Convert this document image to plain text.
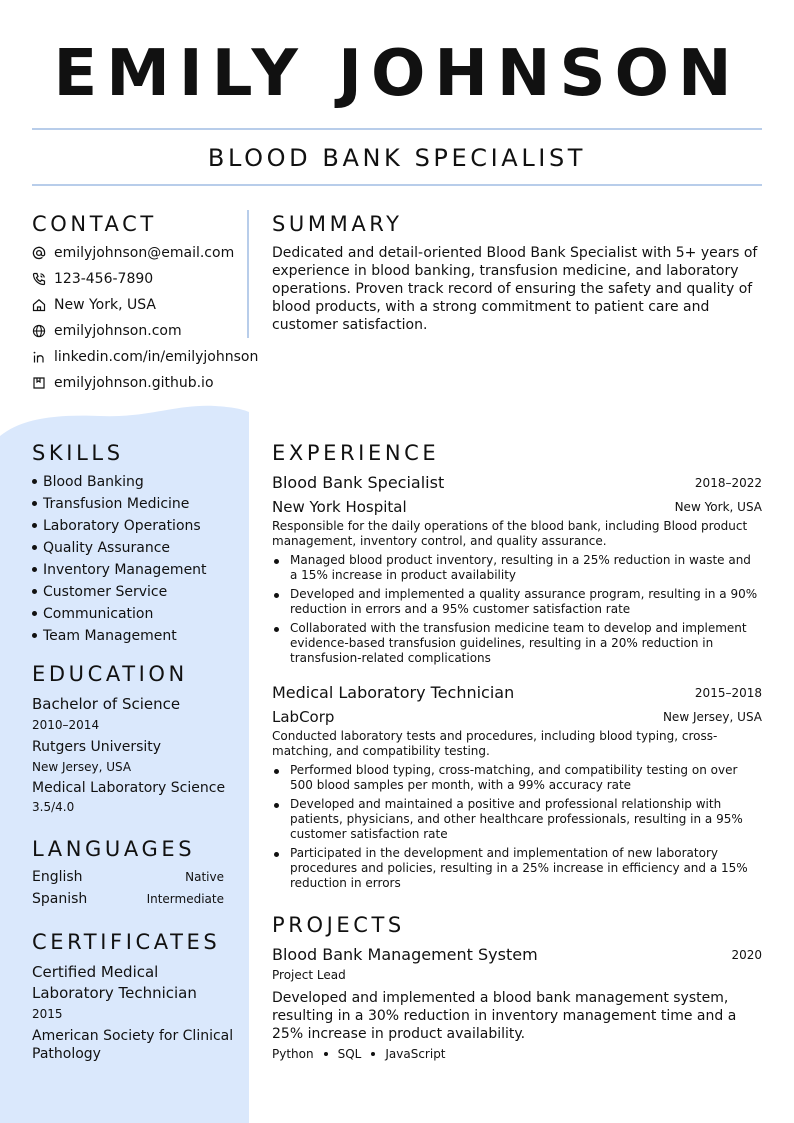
EMILY JOHNSON
BLOOD BANK SPECIALIST
CONTACT
emilyjohnson@email.com
123-456-7890
New York, USA
emilyjohnson.com
linkedin.com/in/emilyjohnson
emilyjohnson.github.io
SUMMARY
Dedicated and detail-oriented Blood Bank Specialist with 5+ years of experience in blood banking, transfusion medicine, and laboratory operations. Proven track record of ensuring the safety and quality of blood products, with a strong commitment to patient care and customer satisfaction.
SKILLS
Blood Banking
Transfusion Medicine
Laboratory Operations
Quality Assurance
Inventory Management
Customer Service
Communication
Team Management
EDUCATION
Bachelor of Science
2010–2014
Rutgers University
New Jersey, USA
Medical Laboratory Science
3.5/4.0
LANGUAGES
English	Native
Spanish	Intermediate
CERTIFICATES
Certified Medical
Laboratory Technician
2015
American Society for Clinical
Pathology
EXPERIENCE
Blood Bank Specialist	2018–2022
New York Hospital	New York, USA
Responsible for the daily operations of the blood bank, including Blood product management, inventory control, and quality assurance.
Managed blood product inventory, resulting in a 25% reduction in waste and a 15% increase in product availability
Developed and implemented a quality assurance program, resulting in a 90% reduction in errors and a 95% customer satisfaction rate
Collaborated with the transfusion medicine team to develop and implement evidence-based transfusion guidelines, resulting in a 20% reduction in transfusion-related complications
Medical Laboratory Technician	2015–2018
LabCorp	New Jersey, USA
Conducted laboratory tests and procedures, including blood typing, cross-matching, and compatibility testing.
Performed blood typing, cross-matching, and compatibility testing on over 500 blood samples per month, with a 99% accuracy rate
Developed and maintained a positive and professional relationship with patients, physicians, and other healthcare professionals, resulting in a 95% customer satisfaction rate
Participated in the development and implementation of new laboratory procedures and policies, resulting in a 25% increase in efficiency and a 15% reduction in errors
PROJECTS
Blood Bank Management System	2020
Project Lead
Developed and implemented a blood bank management system, resulting in a 30% reduction in inventory management time and a 25% increase in product availability.
Python SQL JavaScript
